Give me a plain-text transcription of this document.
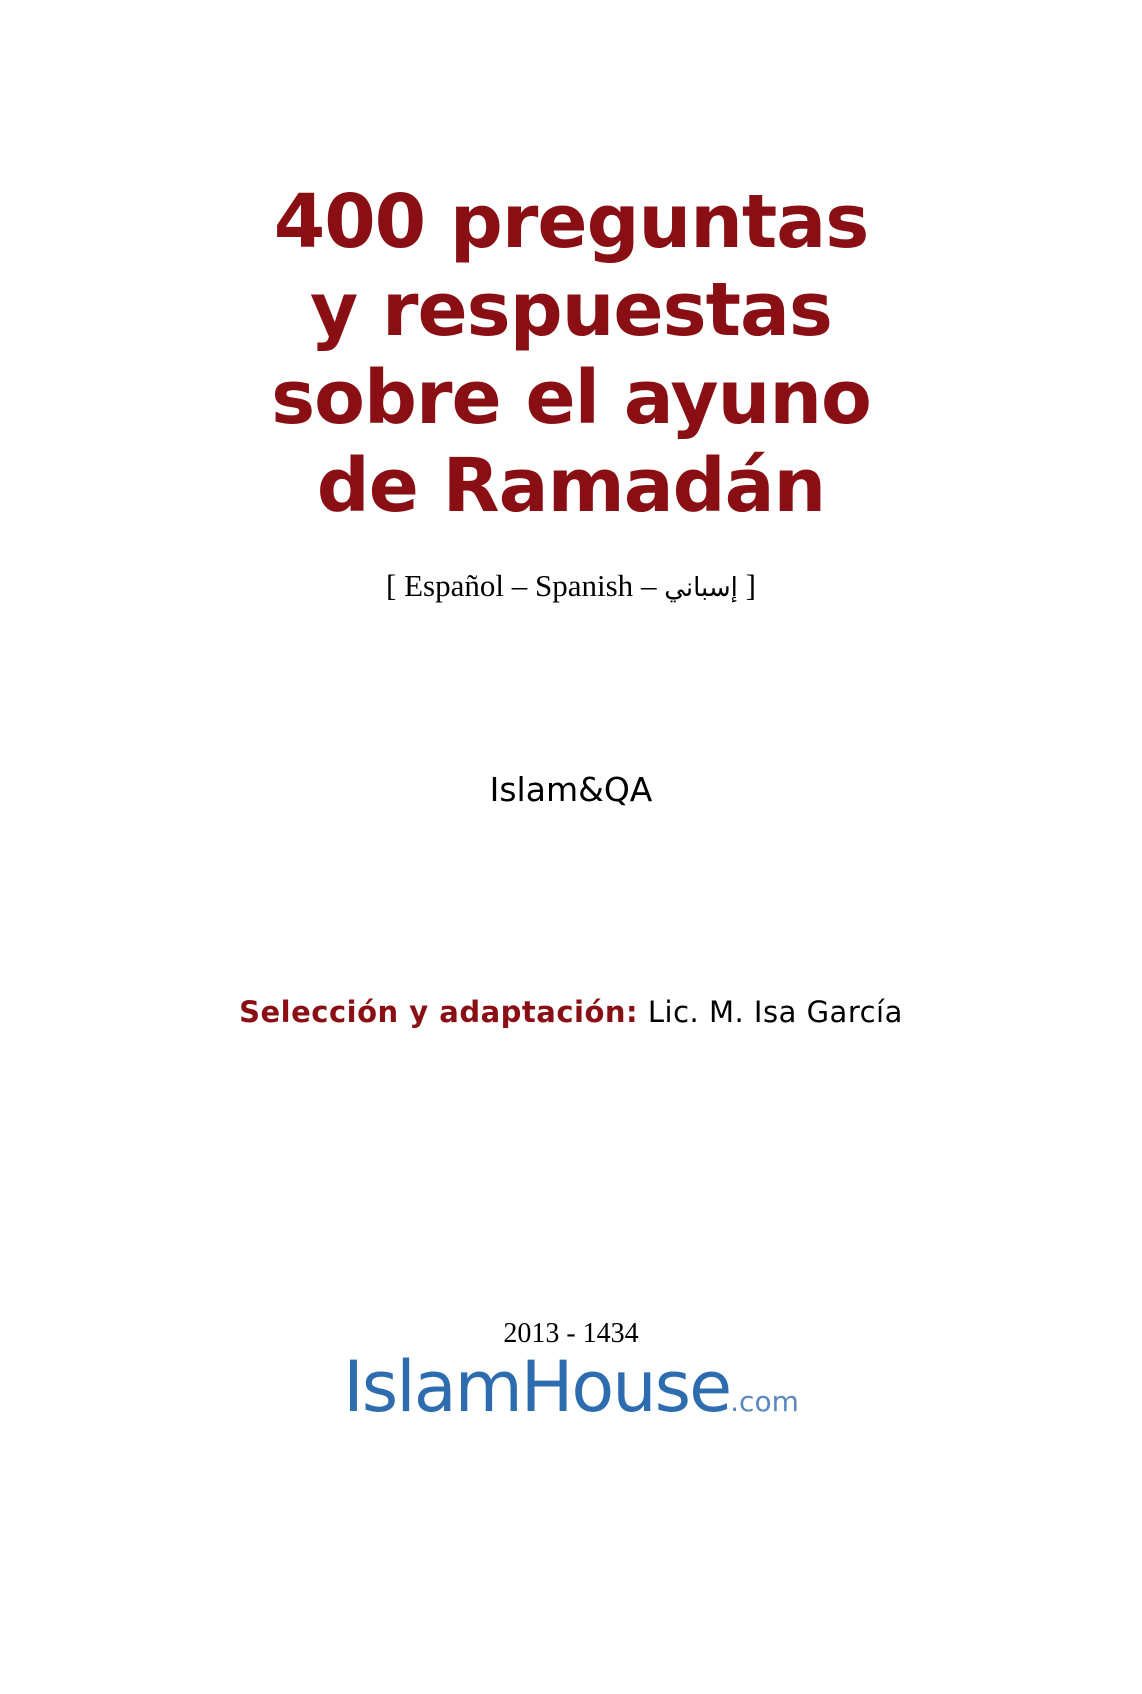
400 preguntas
y respuestas
sobre el ayuno
de Ramadán
[ Español – Spanish – إسباني ]
Islam&QA
Selección y adaptación: Lic. M. Isa García
2013 - 1434
IslamHouse.com
